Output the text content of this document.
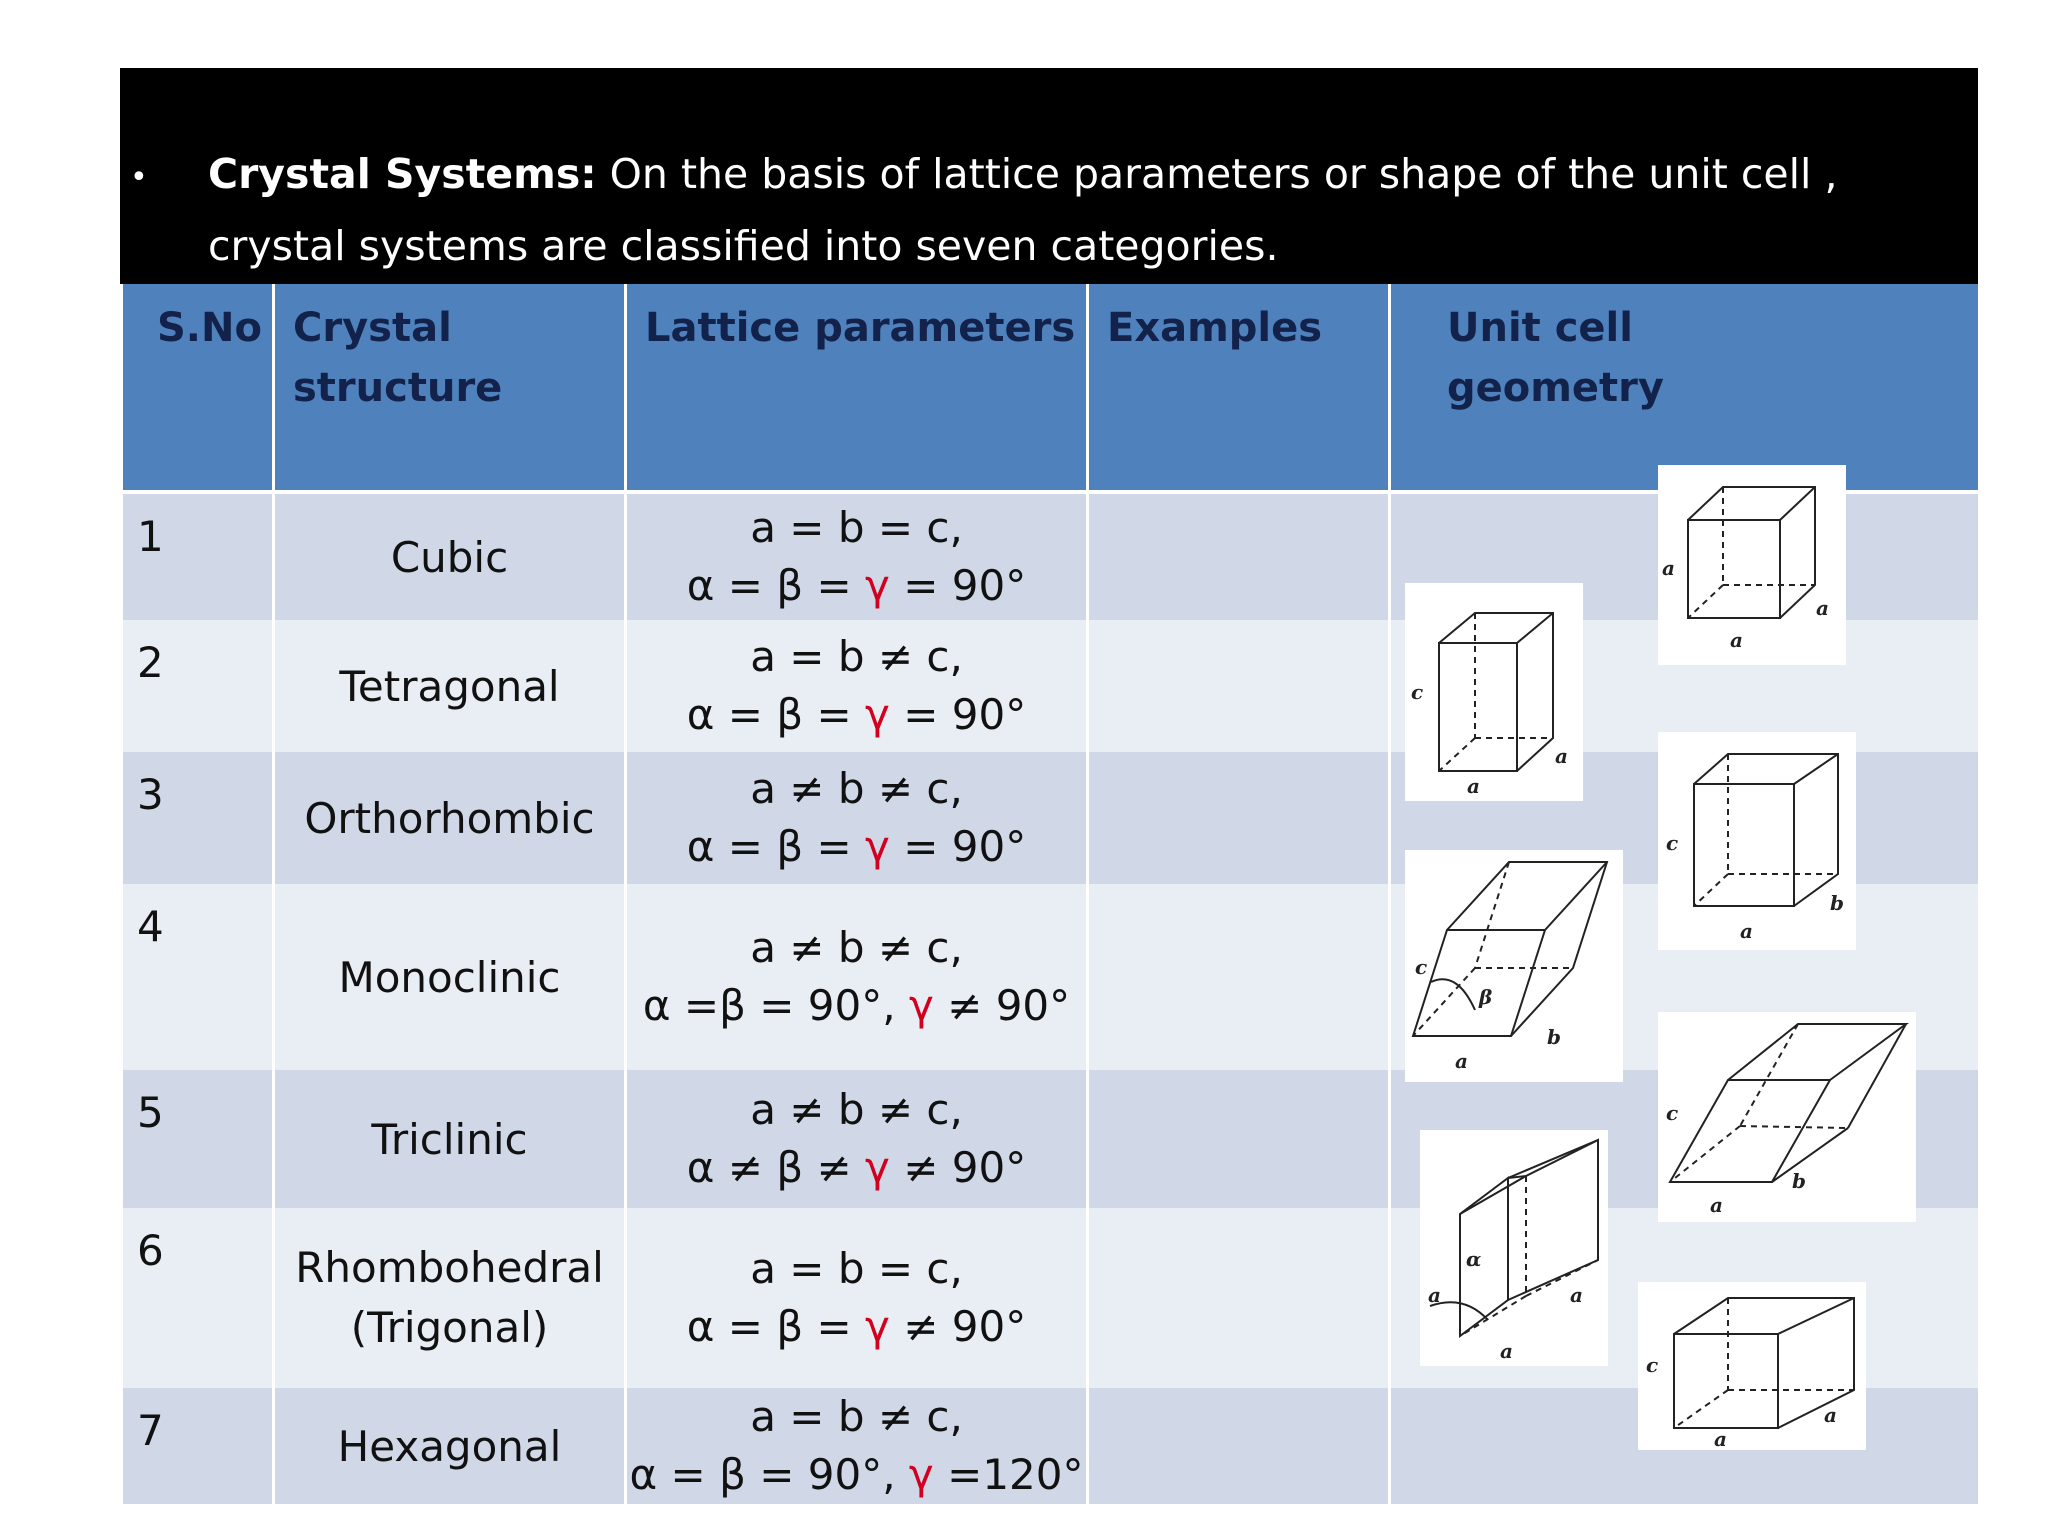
• Crystal Systems: On the basis of lattice parameters or shape of the unit cell , crystal systems are classified into seven categories.
S.No	Crystal structure	Lattice parameters	Examples	Unit cell geometry
1	Cubic	a = b = c,
α = β = γ = 90°		

2	Tetragonal	a = b ≠ c,
α = β = γ = 90°		

3	Orthorhombic	a ≠ b ≠ c,
α = β = γ = 90°		

4	Monoclinic	a ≠ b ≠ c,
α =β = 90°, γ ≠ 90°		

5	Triclinic	a ≠ b ≠ c,
α ≠ β ≠ γ ≠ 90°		

6	Rhombohedral (Trigonal)	a = b = c,
α = β = γ ≠ 90°		

7	Hexagonal	a = b ≠ c,
α = β = 90°, γ =120°		

a
a
a
c
a
a
c
a
b
c
β
a
b
c
a
b
α
a
a
a
c
a
a
